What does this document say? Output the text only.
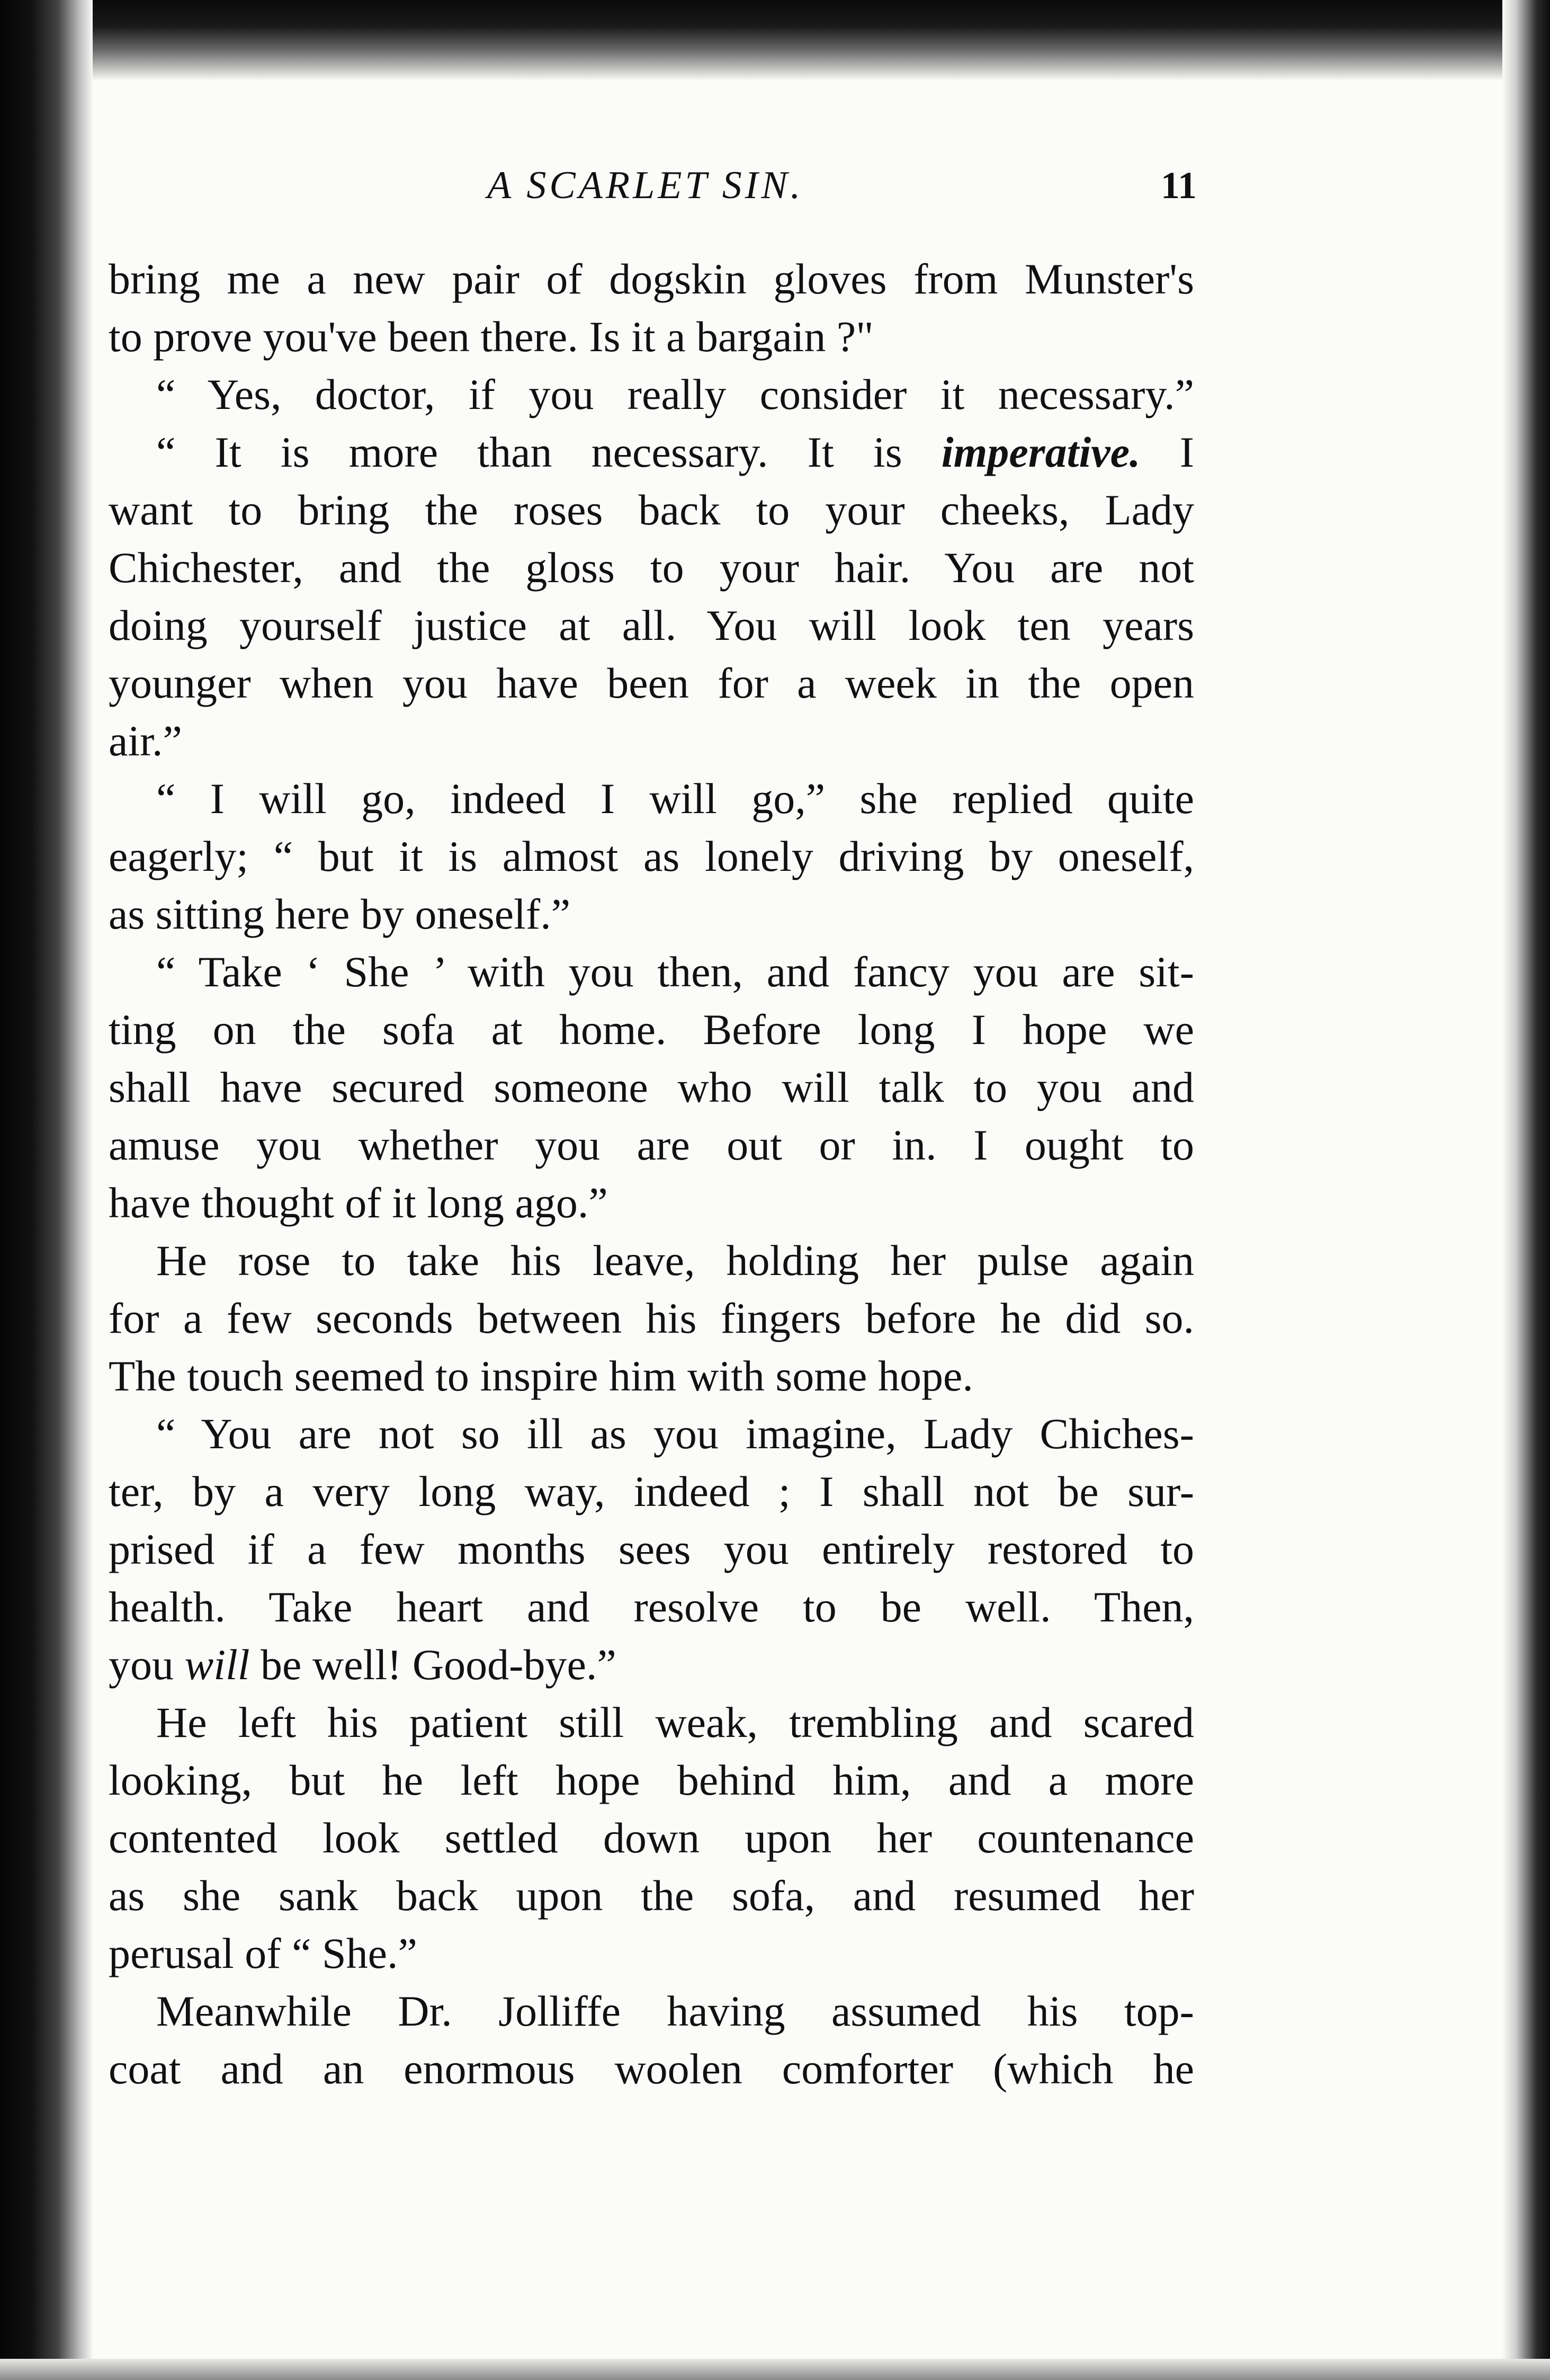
A SCARLET SIN.	11
bring me a new pair of dogskin gloves from Munster's
to prove you've been there. Is it a bargain ?"
“ Yes, doctor, if you really consider it necessary.”
“ It is more than necessary. It is imperative. I
want to bring the roses back to your cheeks, Lady
Chichester, and the gloss to your hair. You are not
doing yourself justice at all. You will look ten years
younger when you have been for a week in the open
air.”
“ I will go, indeed I will go,” she replied quite
eagerly; “ but it is almost as lonely driving by oneself,
as sitting here by oneself.”
“ Take ‘ She ’ with you then, and fancy you are sit-
ting on the sofa at home. Before long I hope we
shall have secured someone who will talk to you and
amuse you whether you are out or in. I ought to
have thought of it long ago.”
He rose to take his leave, holding her pulse again
for a few seconds between his fingers before he did so.
The touch seemed to inspire him with some hope.
“ You are not so ill as you imagine, Lady Chiches-
ter, by a very long way, indeed ; I shall not be sur-
prised if a few months sees you entirely restored to
health. Take heart and resolve to be well. Then,
you will be well! Good-bye.”
He left his patient still weak, trembling and scared
looking, but he left hope behind him, and a more
contented look settled down upon her countenance
as she sank back upon the sofa, and resumed her
perusal of “ She.”
Meanwhile Dr. Jolliffe having assumed his top-
coat and an enormous woolen comforter (which he
